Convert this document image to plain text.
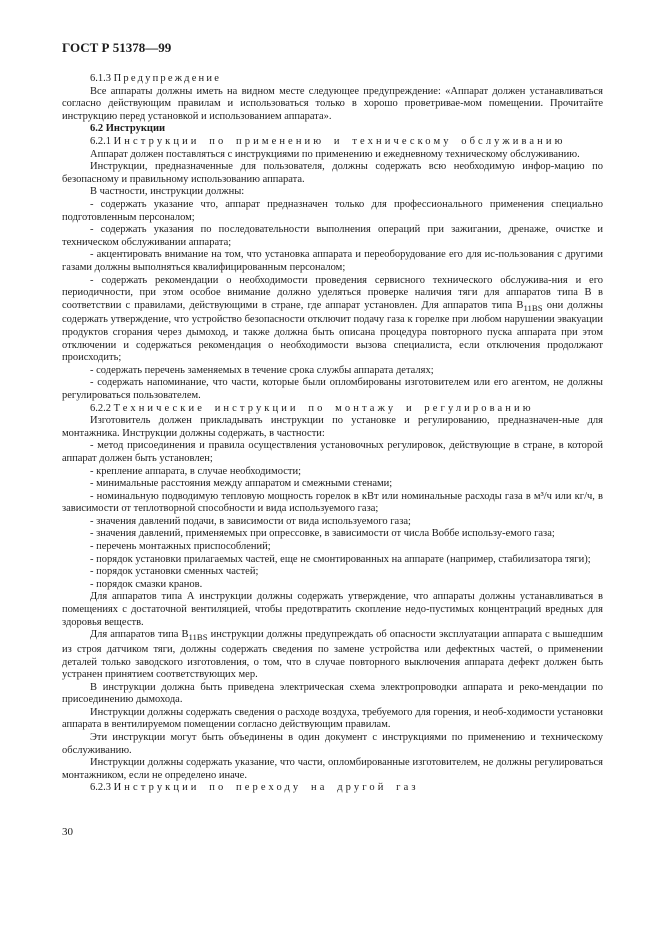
ГОСТ Р 51378—99

6.1.3 Предупреждение

Все аппараты должны иметь на видном месте следующее предупреждение: «Аппарат должен устанавливаться согласно действующим правилам и использоваться только в хорошо проветривае-мом помещении. Прочитайте инструкцию перед установкой и использованием аппарата».

6.2 Инструкции

6.2.1 Инструкции по применению и техническому обслуживанию

Аппарат должен поставляться с инструкциями по применению и ежедневному техническому обслуживанию.

Инструкции, предназначенные для пользователя, должны содержать всю необходимую инфор-мацию по безопасному и правильному использованию аппарата.

В частности, инструкции должны:

- содержать указание что, аппарат предназначен только для профессионального применения специально подготовленным персоналом;

- содержать указания по последовательности выполнения операций при зажигании, дренаже, очистке и техническом обслуживании аппарата;

- акцентировать внимание на том, что установка аппарата и переоборудование его для ис-пользования с другими газами должны выполняться квалифицированным персоналом;

- содержать рекомендации о необходимости проведения сервисного технического обслужива-ния и его периодичности, при этом особое внимание должно уделяться проверке наличия тяги для аппаратов типа В в соответствии с правилами, действующими в стране, где аппарат установлен. Для аппаратов типа $В_{11BS}$ они должны содержать утверждение, что устройство безопасности отключит подачу газа к горелке при любом нарушении эвакуации продуктов сгорания через дымоход, и также должна быть описана процедура повторного пуска аппарата при этом отключении и содержаться рекомендация о необходимости вызова специалиста, если отключения продолжают происходить;

- содержать перечень заменяемых в течение срока службы аппарата деталях;

- содержать напоминание, что части, которые были опломбированы изготовителем или его агентом, не должны регулироваться пользователем.

6.2.2 Технические инструкции по монтажу и регулированию

Изготовитель должен прикладывать инструкции по установке и регулированию, предназначен-ные для монтажника. Инструкции должны содержать, в частности:

- метод присоединения и правила осуществления установочных регулировок, действующие в стране, в которой аппарат должен быть установлен;

- крепление аппарата, в случае необходимости;

- минимальные расстояния между аппаратом и смежными стенами;

- номинальную подводимую тепловую мощность горелок в кВт или номинальные расходы газа в м³/ч или кг/ч, в зависимости от теплотворной способности и вида используемого газа;

- значения давлений подачи, в зависимости от вида используемого газа;

- значения давлений, применяемых при опрессовке, в зависимости от числа Воббе использу-емого газа;

- перечень монтажных приспособлений;

- порядок установки прилагаемых частей, еще не смонтированных на аппарате (например, стабилизатора тяги);

- порядок установки сменных частей;

- порядок смазки кранов.

Для аппаратов типа А инструкции должны содержать утверждение, что аппараты должны устанавливаться в помещениях с достаточной вентиляцией, чтобы предотвратить скопление недо-пустимых концентраций вредных для здоровья веществ.

Для аппаратов типа $В_{11BS}$ инструкции должны предупреждать об опасности эксплуатации аппарата с вышедшим из строя датчиком тяги, должны содержать сведения по замене устройства или дефектных частей, о применении деталей только заводского изготовления, о том, что в случае повторного выключения аппарата дефект должен быть устранен принятием соответствующих мер.

В инструкции должна быть приведена электрическая схема электропроводки аппарата и реко-мендации по присоединению дымохода.

Инструкции должны содержать сведения о расходе воздуха, требуемого для горения, и необ-ходимости установки аппарата в вентилируемом помещении согласно действующим правилам.

Эти инструкции могут быть объединены в один документ с инструкциями по применению и техническому обслуживанию.

Инструкции должны содержать указание, что части, опломбированные изготовителем, не должны регулироваться монтажником, если не определено иначе.

6.2.3 Инструкции по переходу на другой газ

30
